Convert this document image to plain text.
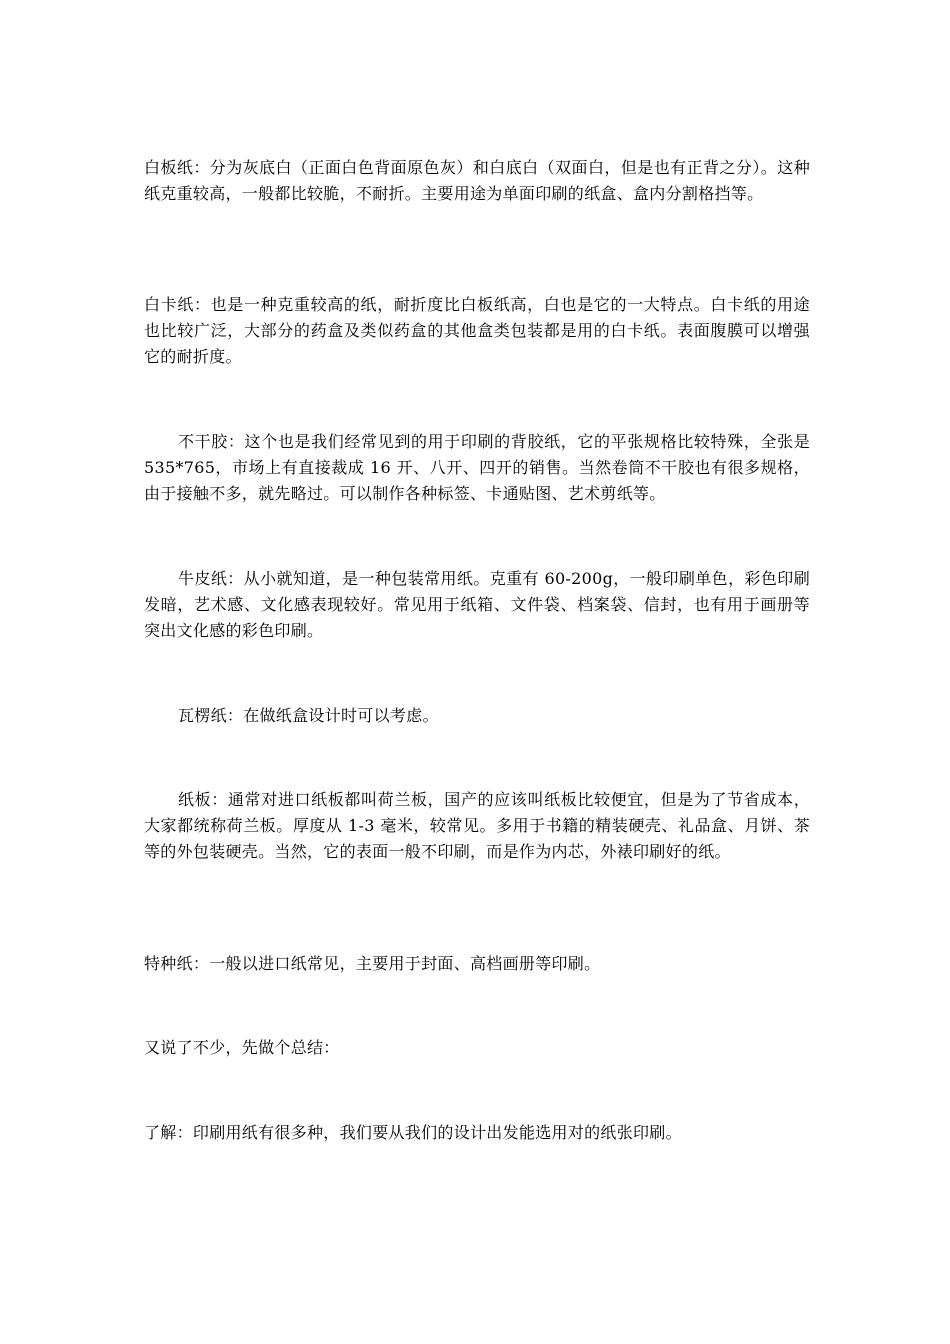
白板纸：分为灰底白（正面白色背面原色灰）和白底白（双面白，但是也有正背之分）。这种纸克重较高，一般都比较脆，不耐折。主要用途为单面印刷的纸盒、盒内分割格挡等。

白卡纸：也是一种克重较高的纸，耐折度比白板纸高，白也是它的一大特点。白卡纸的用途也比较广泛，大部分的药盒及类似药盒的其他盒类包装都是用的白卡纸。表面腹膜可以增强它的耐折度。

不干胶：这个也是我们经常见到的用于印刷的背胶纸，它的平张规格比较特殊，全张是 535*765，市场上有直接裁成 16 开、八开、四开的销售。当然卷筒不干胶也有很多规格，由于接触不多，就先略过。可以制作各种标签、卡通贴图、艺术剪纸等。

牛皮纸：从小就知道，是一种包装常用纸。克重有 60-200g，一般印刷单色，彩色印刷发暗，艺术感、文化感表现较好。常见用于纸箱、文件袋、档案袋、信封，也有用于画册等突出文化感的彩色印刷。

瓦楞纸：在做纸盒设计时可以考虑。

纸板：通常对进口纸板都叫荷兰板，国产的应该叫纸板比较便宜，但是为了节省成本，大家都统称荷兰板。厚度从 1-3 毫米，较常见。多用于书籍的精装硬壳、礼品盒、月饼、茶等的外包装硬壳。当然，它的表面一般不印刷，而是作为内芯，外裱印刷好的纸。

特种纸：一般以进口纸常见，主要用于封面、高档画册等印刷。

又说了不少，先做个总结：

了解：印刷用纸有很多种，我们要从我们的设计出发能选用对的纸张印刷。
